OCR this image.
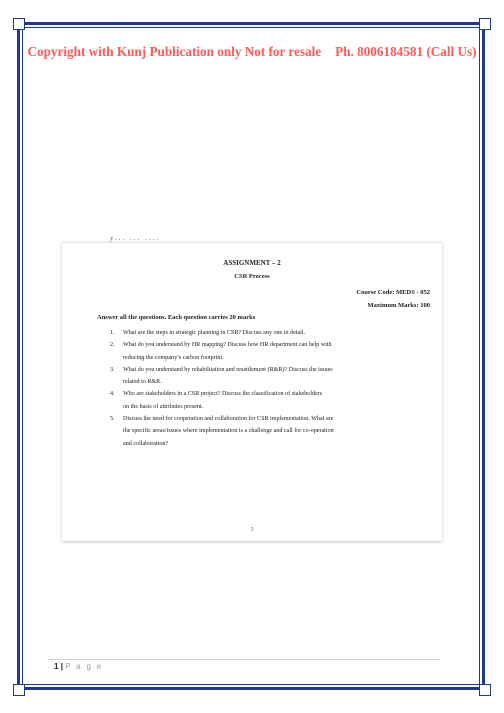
Copyright with Kunj Publication only Not for resale Ph. 8006184581 (Call Us)
y... ... ....
ASSIGNMENT – 2
CSR Process
Course Code: MEDS - 052
Maximum Marks: 100
Answer all the questions. Each question carries 20 marks
1. What are the steps in strategic planning in CSR? Discuss any one in detail.
2. What do you understand by HR mapping? Discuss how HR department can help with
reducing the company’s carbon footprint.
3. What do you understand by rehabilitation and resettlement (R&R)? Discuss the issues
related to R&R.
4. Who are stakeholders in a CSR project? Discuss the classification of stakeholders
on the basis of attributes present.
5. Discuss the need for cooperation and collaboration for CSR implementation. What are
the specific areas/issues where implementation is a challenge and call for co-operation
and collaboration?
3
1 | P a g e
